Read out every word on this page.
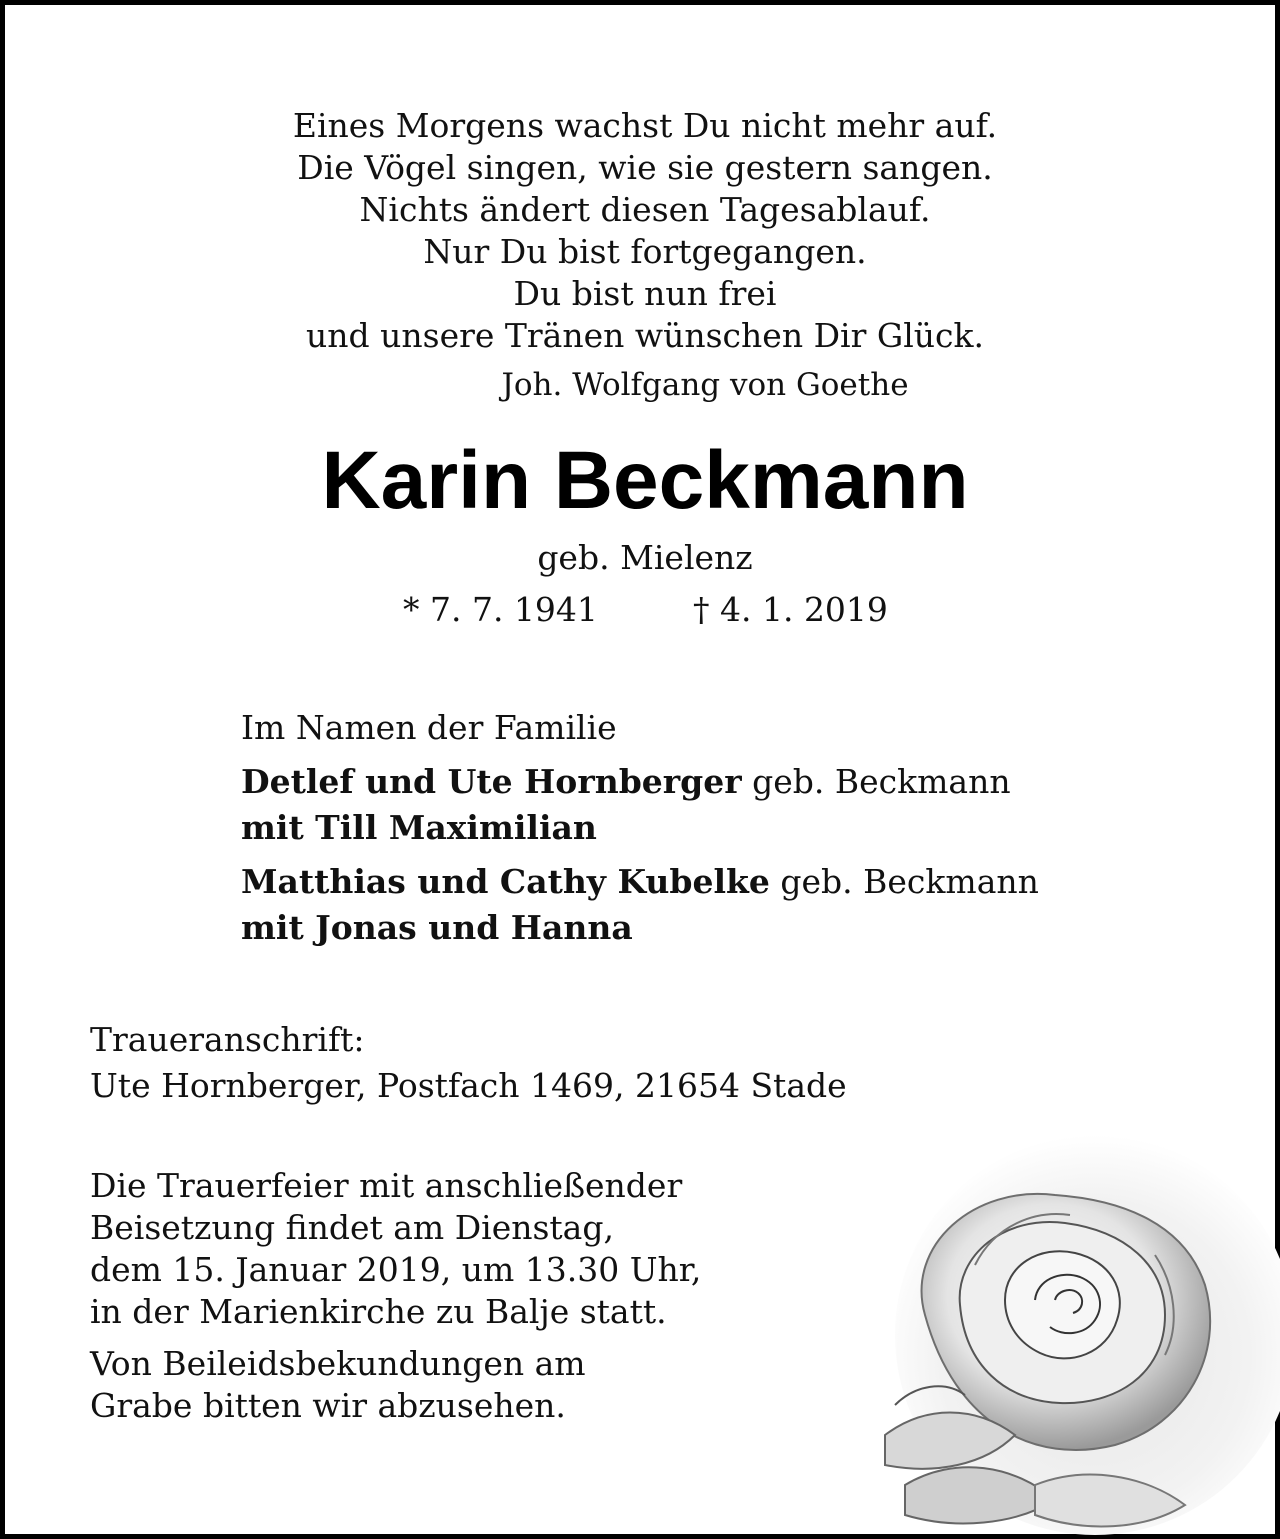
Eines Morgens wachst Du nicht mehr auf.
Die Vögel singen, wie sie gestern sangen.
Nichts ändert diesen Tagesablauf.
Nur Du bist fortgegangen.
Du bist nun frei
und unsere Tränen wünschen Dir Glück.
Joh. Wolfgang von Goethe
Karin Beckmann
geb. Mielenz
* 7. 7. 1941	† 4. 1. 2019
Im Namen der Familie
Detlef und Ute Hornberger geb. Beckmann
mit Till Maximilian
Matthias und Cathy Kubelke geb. Beckmann
mit Jonas und Hanna
Traueranschrift:
Ute Hornberger, Postfach 1469, 21654 Stade
Die Trauerfeier mit anschließender
Beisetzung findet am Dienstag,
dem 15. Januar 2019, um 13.30 Uhr,
in der Marienkirche zu Balje statt.
Von Beileidsbekundungen am
Grabe bitten wir abzusehen.
